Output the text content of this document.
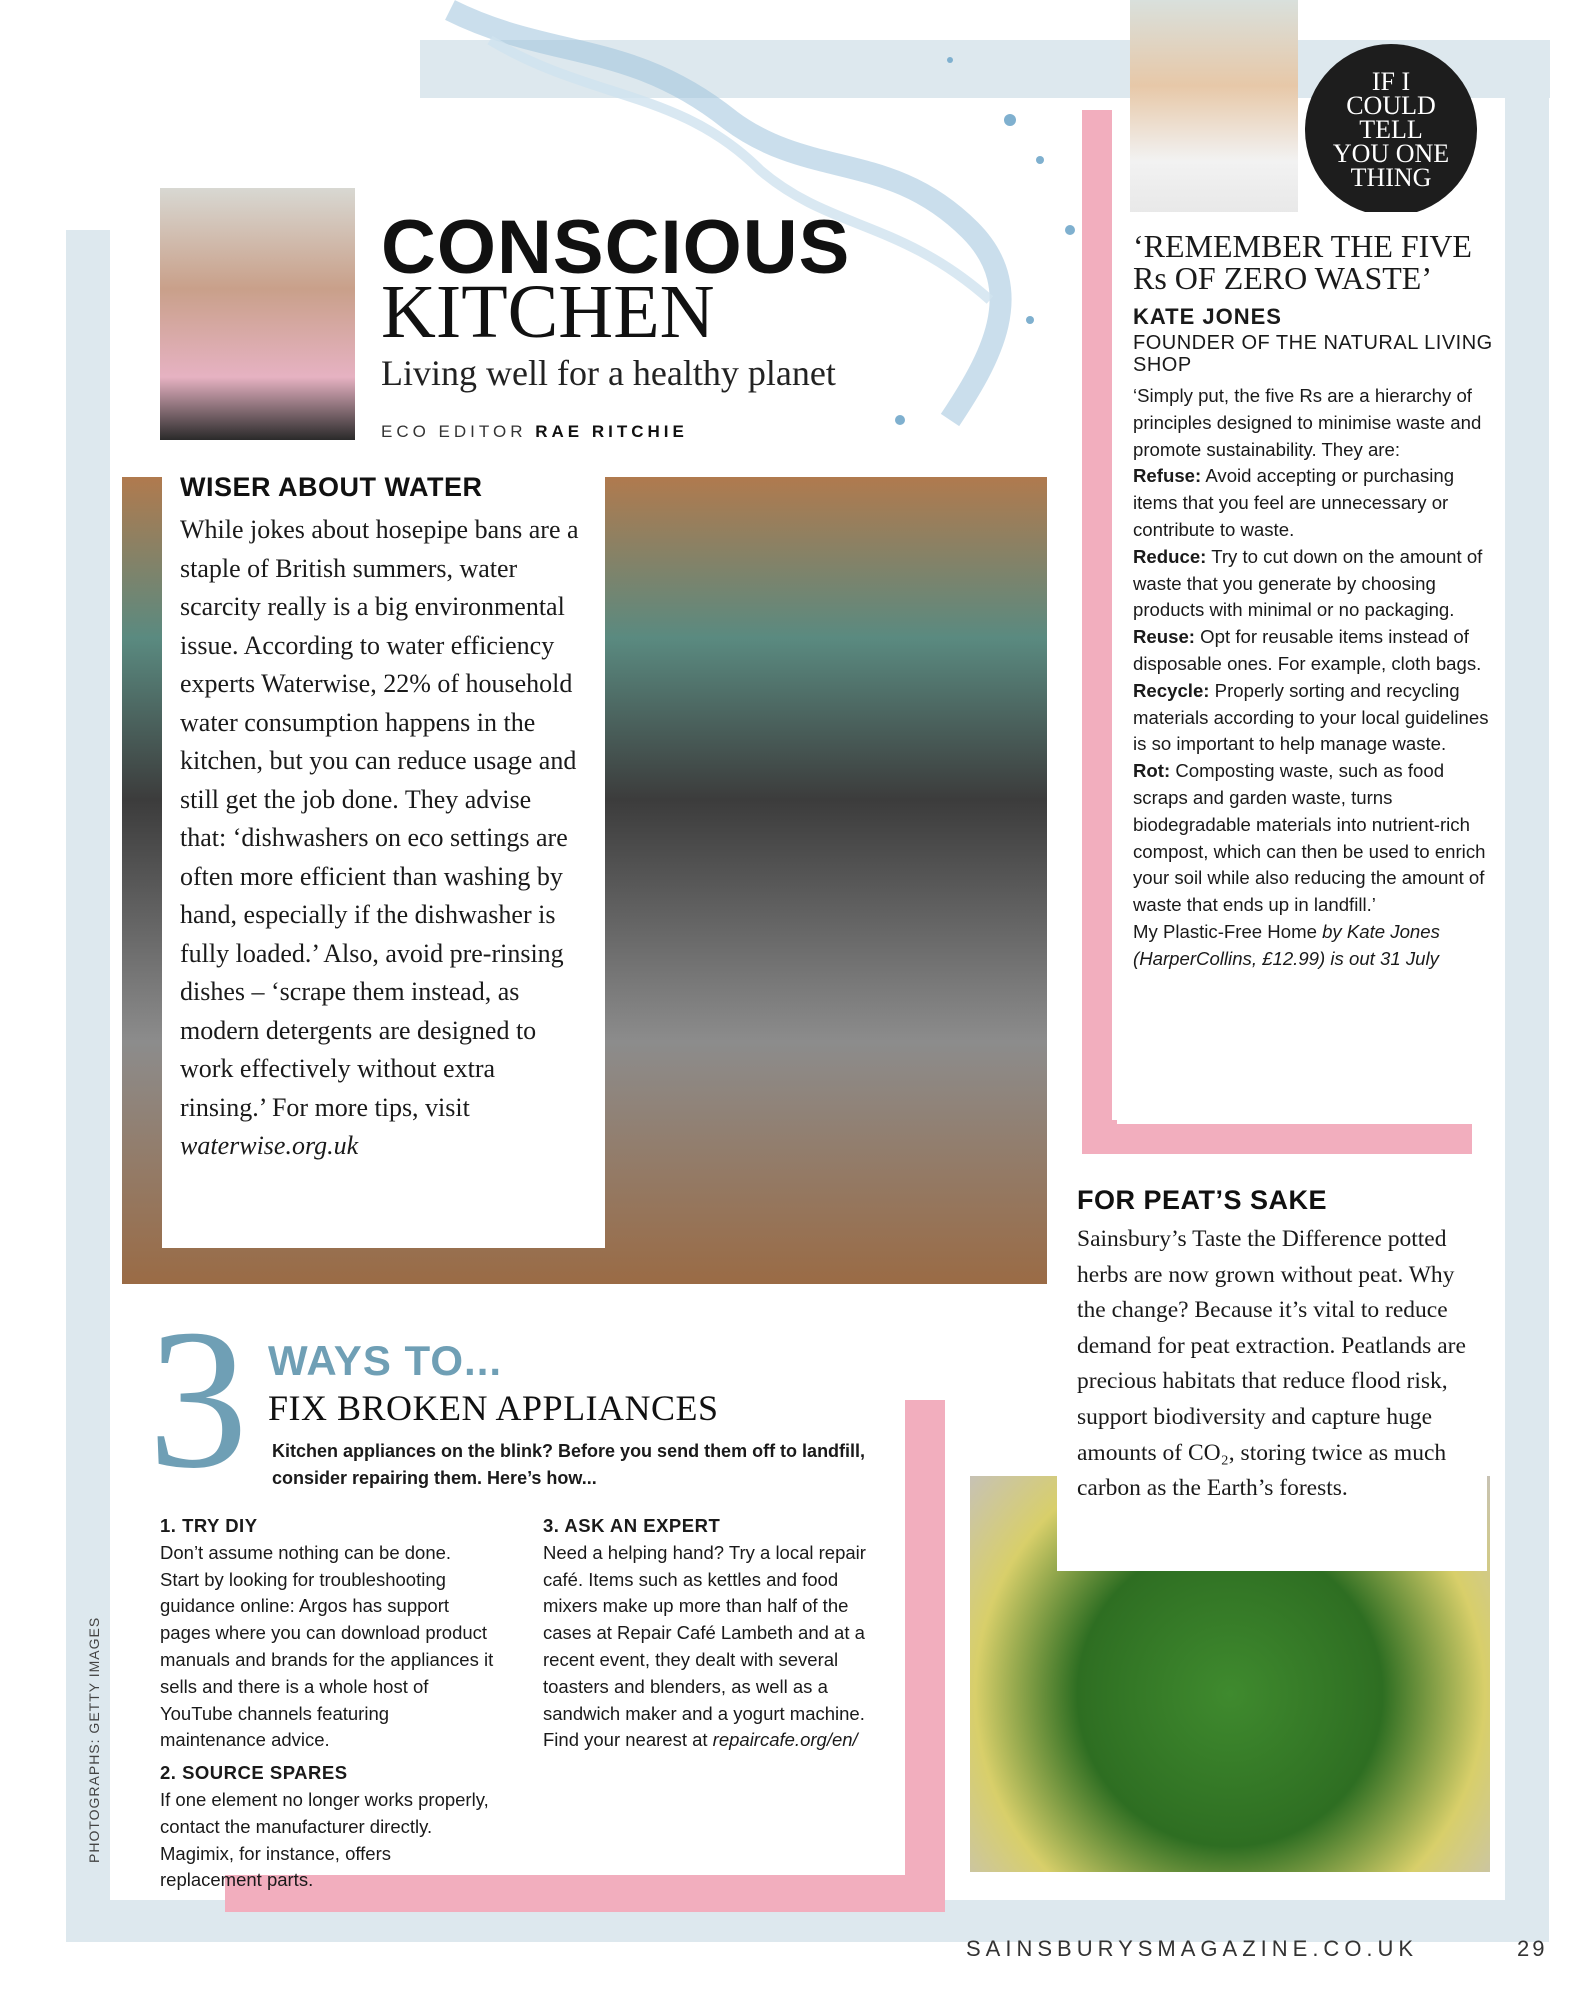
IF I COULD TELL YOU ONE THING
CONSCIOUS
KITCHEN
Living well for a healthy planet
ECO EDITOR RAE RITCHIE
WISER ABOUT WATER
While jokes about hosepipe bans are a staple of British summers, water scarcity really is a big environmental issue. According to water efficiency experts Waterwise, 22% of household water consumption happens in the kitchen, but you can reduce usage and still get the job done. They advise that: ‘dishwashers on eco settings are often more efficient than washing by hand, especially if the dishwasher is fully loaded.’ Also, avoid pre-rinsing dishes – ‘scrape them instead, as modern detergents are designed to work effectively without extra rinsing.’ For more tips, visit waterwise.org.uk
‘REMEMBER THE FIVE Rs OF ZERO WASTE’
KATE JONES
FOUNDER OF THE NATURAL LIVING SHOP

‘Simply put, the five Rs are a hierarchy of principles designed to minimise waste and promote sustainability. They are:

Refuse: Avoid accepting or purchasing items that you feel are unnecessary or contribute to waste.

Reduce: Try to cut down on the amount of waste that you generate by choosing products with minimal or no packaging.

Reuse: Opt for reusable items instead of disposable ones. For example, cloth bags.

Recycle: Properly sorting and recycling materials according to your local guidelines is so important to help manage waste.

Rot: Composting waste, such as food scraps and garden waste, turns biodegradable materials into nutrient-rich compost, which can then be used to enrich your soil while also reducing the amount of waste that ends up in landfill.’

My Plastic-Free Home by Kate Jones (HarperCollins, £12.99) is out 31 July

FOR PEAT’S SAKE
Sainsbury’s Taste the Difference potted herbs are now grown without peat. Why the change? Because it’s vital to reduce demand for peat extraction. Peatlands are precious habitats that reduce flood risk, support biodiversity and capture huge amounts of CO₂, storing twice as much carbon as the Earth’s forests.
3 WAYS TO...
FIX BROKEN APPLIANCES
Kitchen appliances on the blink? Before you send them off to landfill, consider repairing them. Here’s how...
1. TRY DIY

Don’t assume nothing can be done. Start by looking for troubleshooting guidance online: Argos has support pages where you can download product manuals and brands for the appliances it sells and there is a whole host of YouTube channels featuring maintenance advice.

2. SOURCE SPARES

If one element no longer works properly, contact the manufacturer directly. Magimix, for instance, offers replacement parts.

3. ASK AN EXPERT

Need a helping hand? Try a local repair café. Items such as kettles and food mixers make up more than half of the cases at Repair Café Lambeth and at a recent event, they dealt with several toasters and blenders, as well as a sandwich maker and a yogurt machine. Find your nearest at repaircafe.org/en/

PHOTOGRAPHS: GETTY IMAGES
SAINSBURYSMAGAZINE.CO.UK	29
